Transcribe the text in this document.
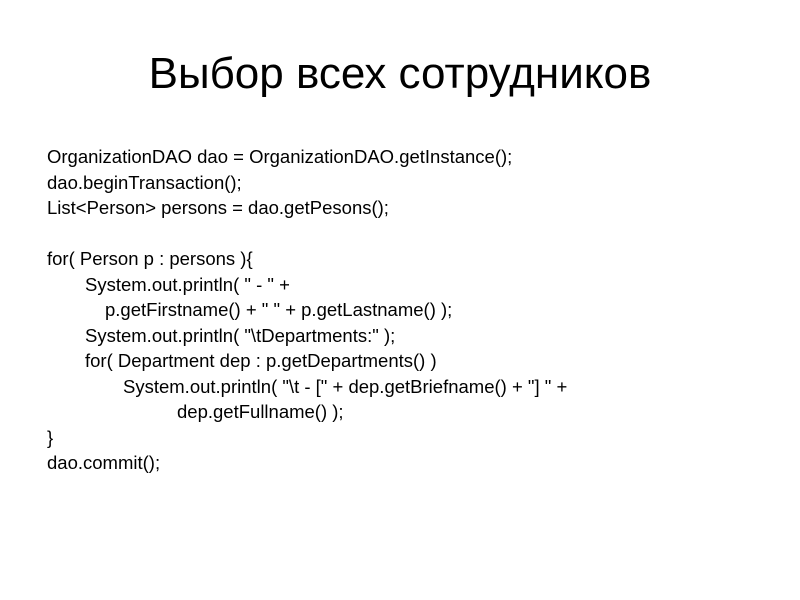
Выбор всех сотрудников
OrganizationDAO dao = OrganizationDAO.getInstance();
dao.beginTransaction();
List<Person> persons = dao.getPesons();
for( Person p : persons ){
System.out.println( " - " +
p.getFirstname() + " " + p.getLastname() );
System.out.println( "\tDepartments:" );
for( Department dep : p.getDepartments() )
System.out.println( "\t - [" + dep.getBriefname() + "] " +
dep.getFullname() );
}
dao.commit();
